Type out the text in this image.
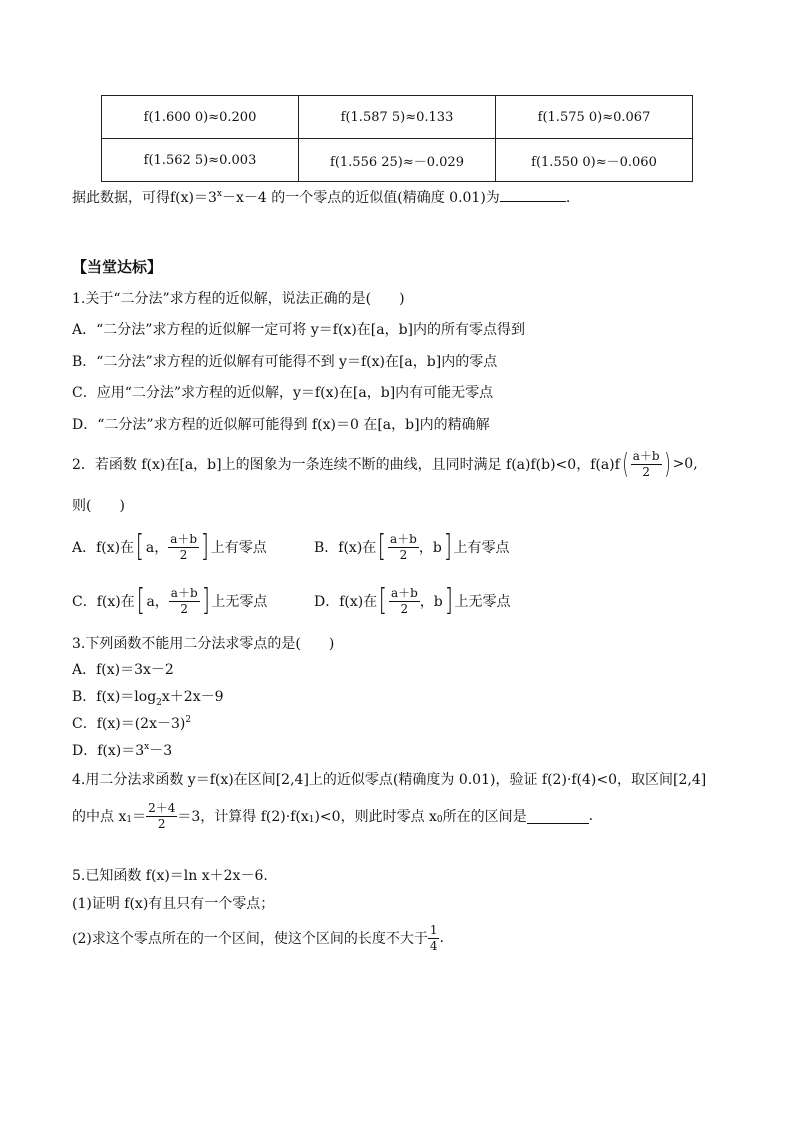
f(1.600 0)≈0.200	f(1.587 5)≈0.133	f(1.575 0)≈0.067
f(1.562 5)≈0.003	f(1.556 25)≈－0.029	f(1.550 0)≈－0.060
据此数据，可得$f(x)=3^x-x-4$ 的一个零点的近似值(精确度 0.01)为	.
【当堂达标】
1.关于“二分法”求方程的近似解，说法正确的是(　　)
A．“二分法”求方程的近似解一定可将 y＝f(x)在[a，b]内的所有零点得到
B．“二分法”求方程的近似解有可能得不到 y＝f(x)在[a，b]内的零点
C．应用“二分法”求方程的近似解，y＝f(x)在[a，b]内有可能无零点
D．“二分法”求方程的近似解可能得到 f(x)＝0 在[a，b]内的精确解
2．若函数 f(x)在[a，b]上的图象为一条连续不断的曲线，且同时满足 f(a)f(b)<0，f(a)f ( $\frac{a+b}{2}$ ) >0,
则(　　)
A．f(x)在 [ a， $\frac{a+b}{2}$ ] 上有零点	B．f(x)在 [ $\frac{a+b}{2}$ ，b ] 上有零点
C．f(x)在 [ a， $\frac{a+b}{2}$ ] 上无零点	D．f(x)在 [ $\frac{a+b}{2}$ ，b ] 上无零点
3.下列函数不能用二分法求零点的是(　　)
A．f(x)＝3x－2
B．$f(x)=\log_2x+2x-9$
C．$f(x)=(2x-3)^2$
D．$f(x)=3^x-3$
4.用二分法求函数 y＝f(x)在区间[2,4]上的近似零点(精确度为 0.01)，验证 f(2)·f(4)<0，取区间[2,4]
的中点 x $1 = \frac{2+4}{2} =3$，计算得 f(2)·f(x 1 )<0，则此时零点 x 0 所在的区间是	.
5.已知函数 f(x)＝ln x＋2x－6.
(1)证明 f(x)有且只有一个零点；
(2)求这个零点所在的一个区间，使这个区间的长度不大于 $\frac{1}{4}$ .
